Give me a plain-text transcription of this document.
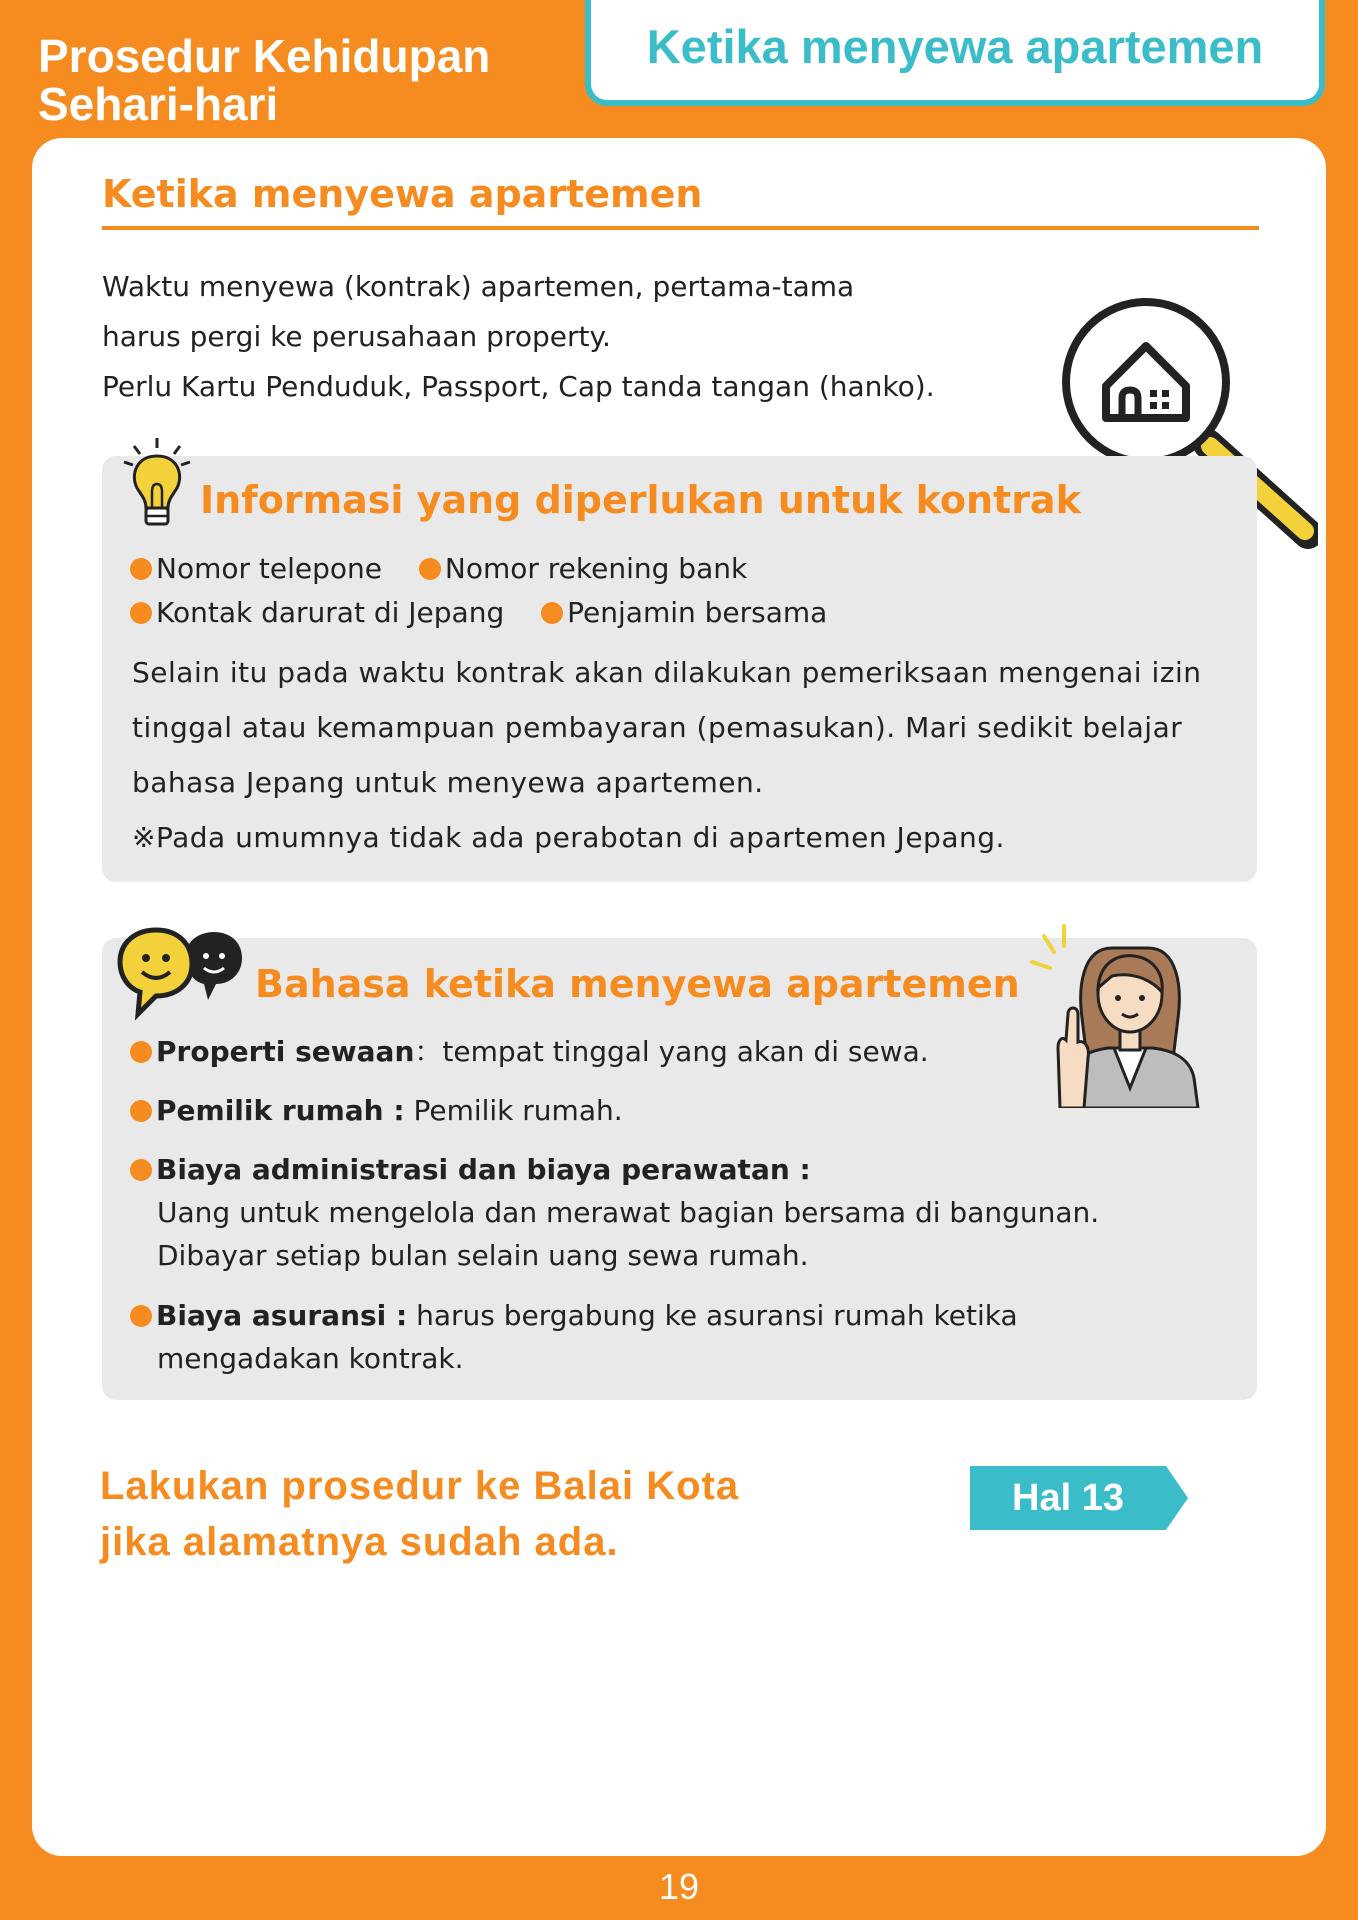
Prosedur Kehidupan
Sehari-hari
Ketika menyewa apartemen
Ketika menyewa apartemen

Waktu menyewa (kontrak) apartemen, pertama-tama

harus pergi ke perusahaan property.

Perlu Kartu Penduduk, Passport, Cap tanda tangan (hanko).

Informasi yang diperlukan untuk kontrak
Nomor telepone Nomor rekening bank
Kontak darurat di Jepang Penjamin bersama

Selain itu pada waktu kontrak akan dilakukan pemeriksaan mengenai izin

tinggal atau kemampuan pembayaran (pemasukan). Mari sedikit belajar

bahasa Jepang untuk menyewa apartemen.

※Pada umumnya tidak ada perabotan di apartemen Jepang.

Bahasa ketika menyewa apartemen
Properti sewaan：tempat tinggal yang akan di sewa.
Pemilik rumah : Pemilik rumah.
Biaya administrasi dan biaya perawatan :
Uang untuk mengelola dan merawat bagian bersama di bangunan.
Dibayar setiap bulan selain uang sewa rumah.
Biaya asuransi : harus bergabung ke asuransi rumah ketika
mengadakan kontrak.

Lakukan prosedur ke Balai Kota

jika alamatnya sudah ada.

Hal 13
19
